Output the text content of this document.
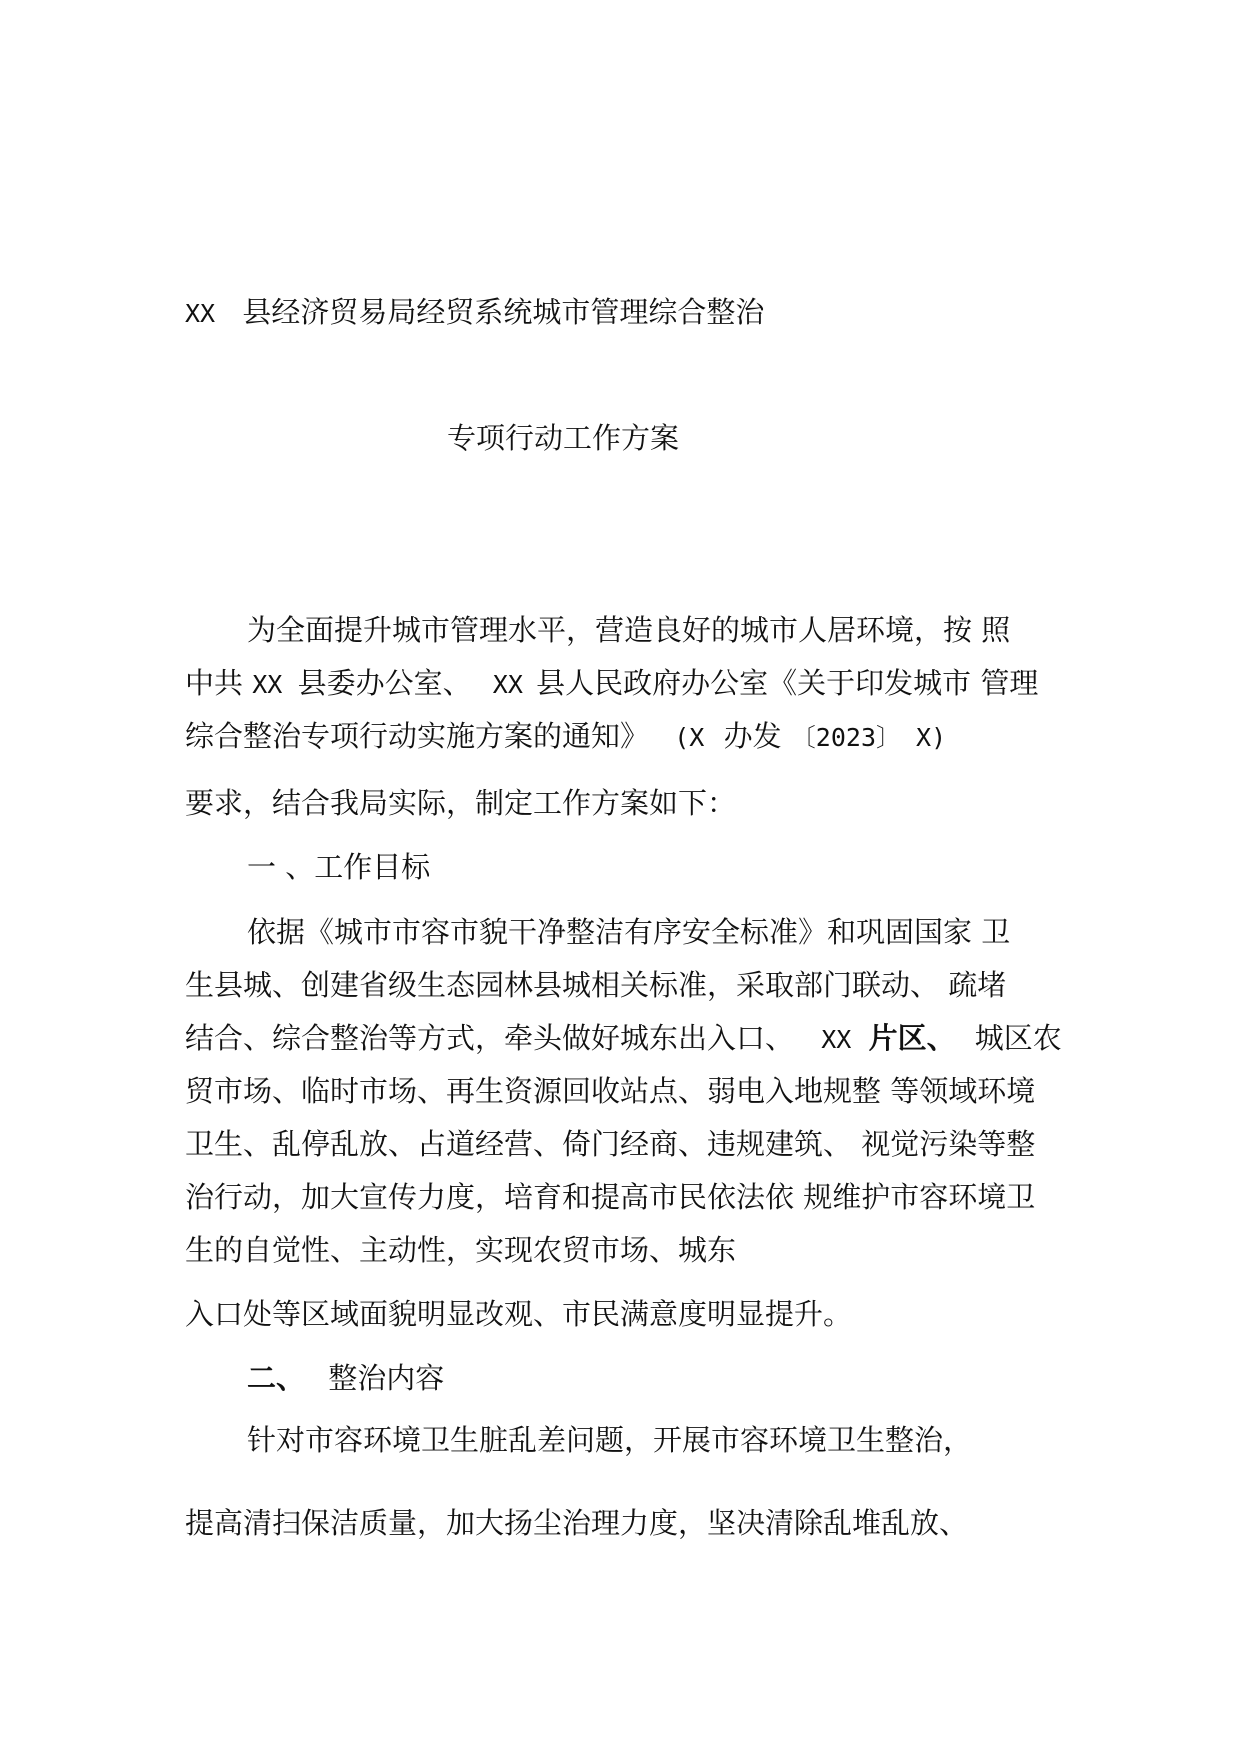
XX 县经济贸易局经贸系统城市管理综合整治
专项行动工作方案
为全面提升城市管理水平，营造良好的城市人居环境，按 照
中共 XX 县委办公室、 XX 县人民政府办公室《关于印发城市 管理
综合整治专项行动实施方案的通知》 (X 办发 〔2023〕 X)
要求，结合我局实际，制定工作方案如下：
一 、工作目标
依据《城市市容市貌干净整洁有序安全标准》和巩固国家 卫
生县城、创建省级生态园林县城相关标准，采取部门联动、 疏堵
结合、综合整治等方式，牵头做好城东出入口、 XX 片区、 城区农
贸市场、临时市场、再生资源回收站点、弱电入地规整 等领域环境
卫生、乱停乱放、占道经营、倚门经商、违规建筑、 视觉污染等整
治行动，加大宣传力度，培育和提高市民依法依 规维护市容环境卫
生的自觉性、主动性，实现农贸市场、城东
入口处等区域面貌明显改观、市民满意度明显提升。
二、 整治内容
针对市容环境卫生脏乱差问题，开展市容环境卫生整治，
提高清扫保洁质量，加大扬尘治理力度，坚决清除乱堆乱放、
